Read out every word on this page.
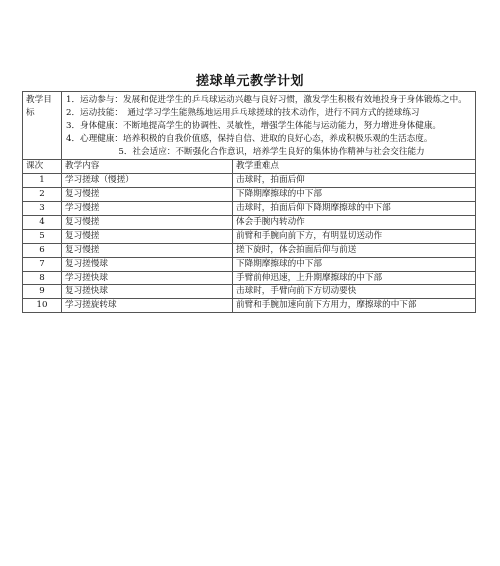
搓球单元教学计划
教学目标	1．运动参与：发展和促进学生的乒乓球运动兴趣与良好习惯，激发学生积极有效地投身于身体锻炼之中。
2．运动技能：　通过学习学生能熟练地运用乒乓球搓球的技术动作，进行不同方式的搓球练习
3．身体健康：不断地提高学生的协调性、灵敏性，增强学生体能与运动能力，努力增进身体健康。
4．心理健康：培养积极的自我价值感，保持自信、进取的良好心态，养成积极乐观的生活态度。
5．社会适应：不断强化合作意识，培养学生良好的集体协作精神与社会交往能力	

课次	教学内容	教学重难点
1	学习搓球（慢搓）	击球时，拍面后仰
2	复习慢搓	下降期摩擦球的中下部
3	学习慢搓	击球时，拍面后仰下降期摩擦球的中下部
4	复习慢搓	体会手腕内转动作
5	复习慢搓	前臂和手腕向前下方，有明显切送动作
6	复习慢搓	搓下旋时，体会拍面后仰与前送
7	复习搓慢球	下降期摩擦球的中下部
8	学习搓快球	手臂前伸迅速，上升期摩擦球的中下部
9	复习搓快球	击球时，手臂向前下方切动要快
10	学习搓旋转球	前臂和手腕加速向前下方用力，摩擦球的中下部
